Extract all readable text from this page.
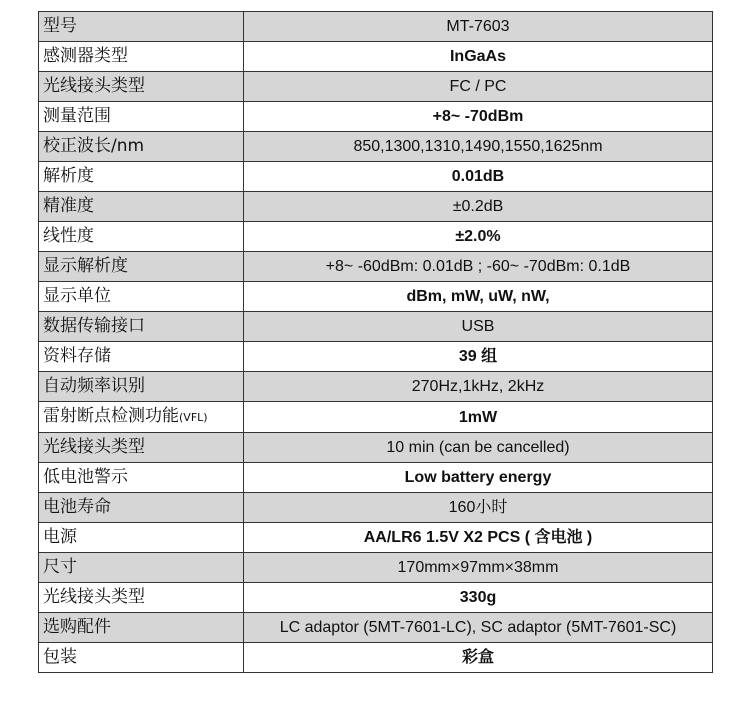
型号	MT-7603
感测器类型	InGaAs
光线接头类型	FC / PC
测量范围	+8~ -70dBm
校正波长/nm	850,1300,1310,1490,1550,1625nm
解析度	0.01dB
精准度	±0.2dB
线性度	±2.0%
显示解析度	+8~ -60dBm: 0.01dB ; -60~ -70dBm: 0.1dB
显示单位	dBm, mW, uW, nW,
数据传输接口	USB
资料存储	39 组
自动频率识别	270Hz,1kHz, 2kHz
雷射断点检测功能(VFL)	1mW
光线接头类型	10 min (can be cancelled)
低电池警示	Low battery energy
电池寿命	160小时
电源	AA/LR6 1.5V X2 PCS ( 含电池 )
尺寸	170mm×97mm×38mm
光线接头类型	330g
选购配件	LC adaptor (5MT-7601-LC), SC adaptor (5MT-7601-SC)
包装	彩盒
